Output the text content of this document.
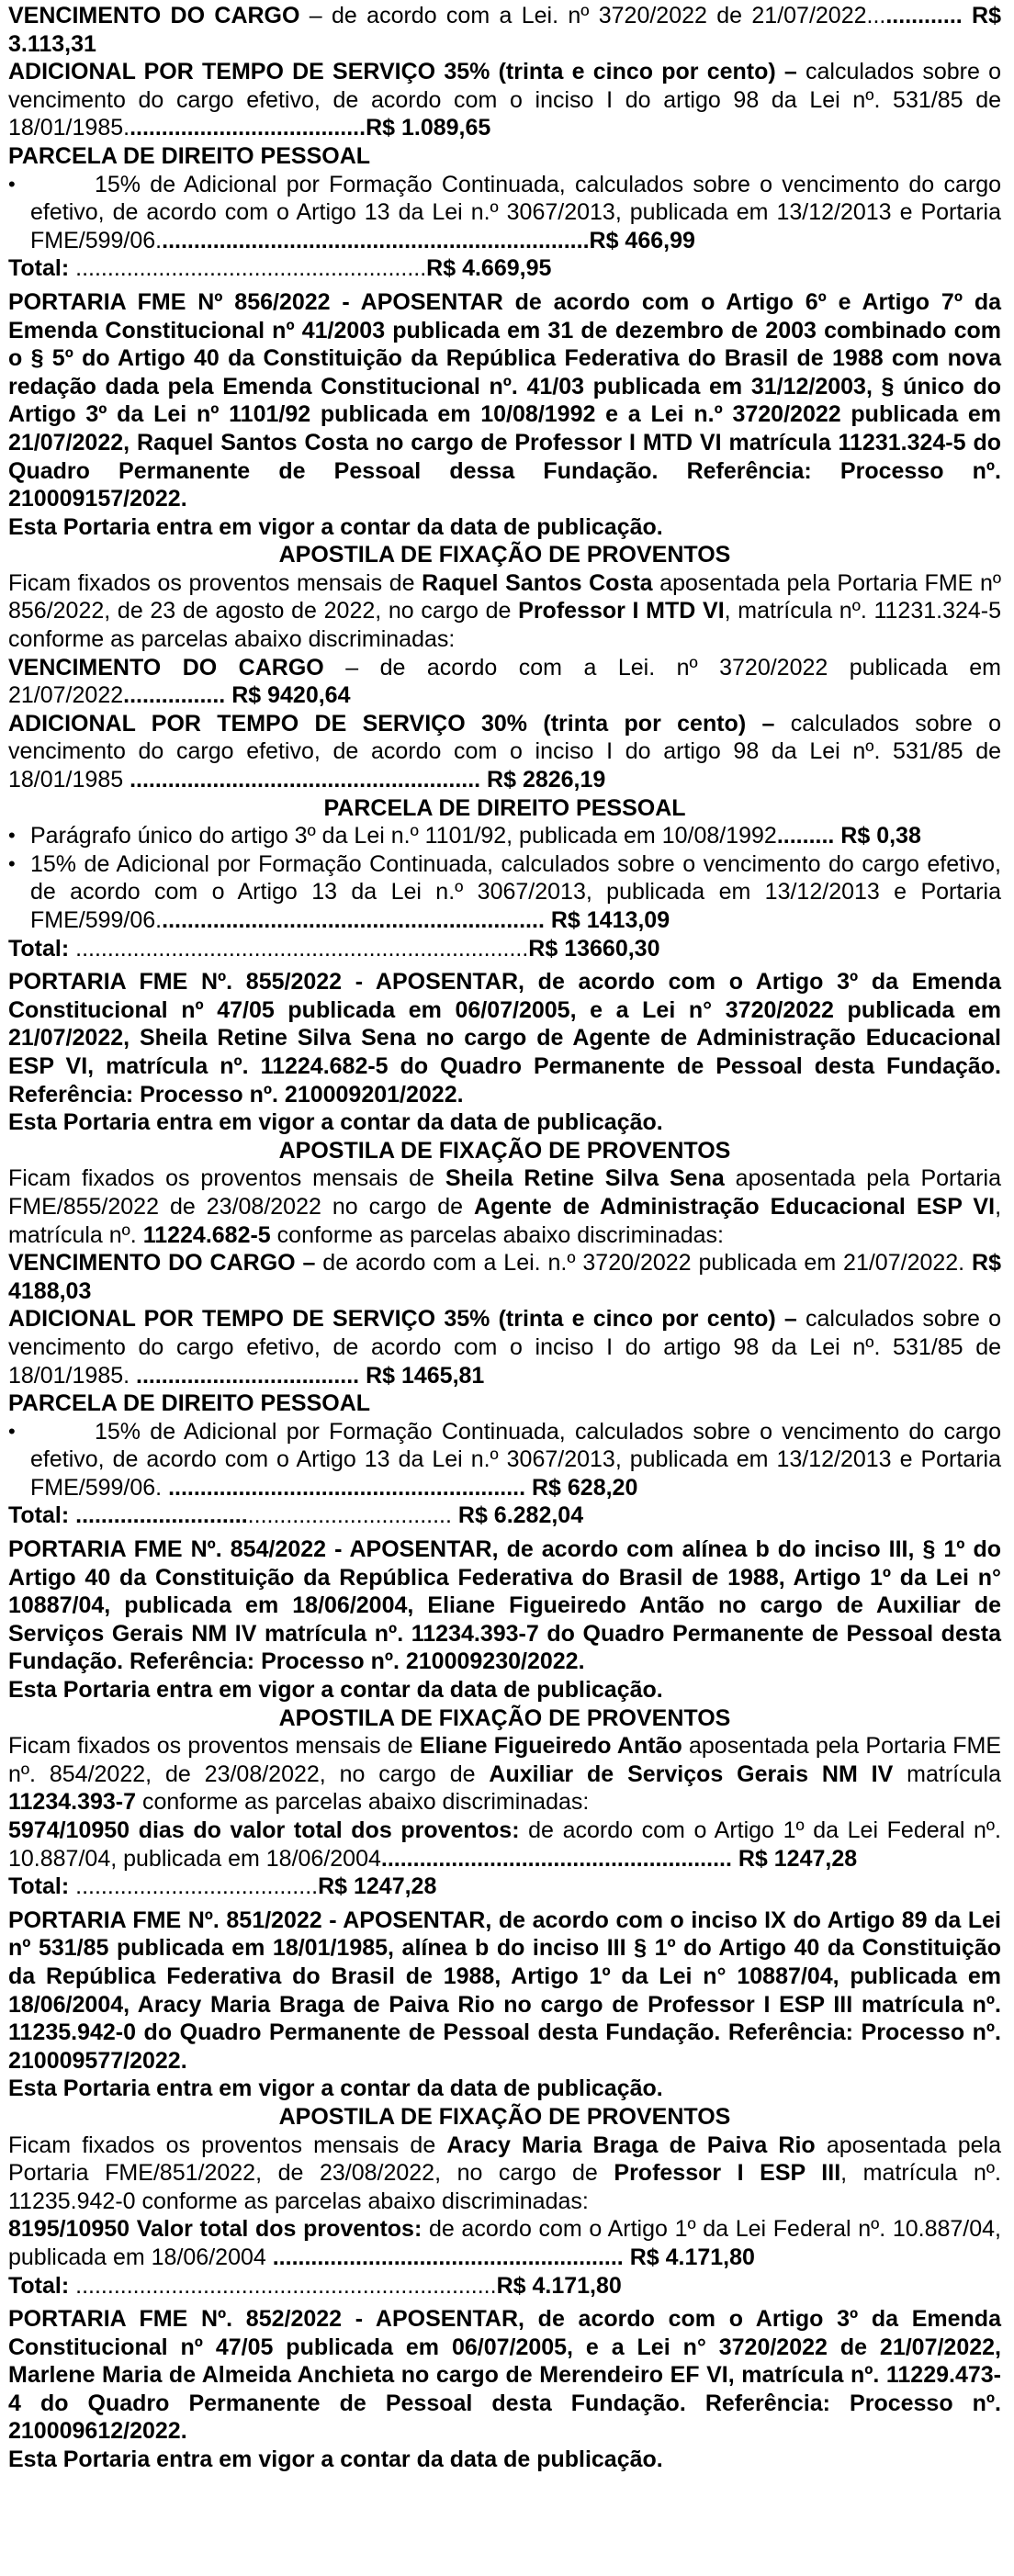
VENCIMENTO DO CARGO – de acordo com a Lei. nº 3720/2022 de 21/07/2022............... R$ 3.113,31
ADICIONAL POR TEMPO DE SERVIÇO 35% (trinta e cinco por cento) – calculados sobre o vencimento do cargo efetivo, de acordo com o inciso I do artigo 98 da Lei nº. 531/85 de 18/01/1985......................................R$ 1.089,65
PARCELA DE DIREITO PESSOAL
•	15% de Adicional por Formação Continuada, calculados sobre o vencimento do cargo efetivo, de acordo com o Artigo 13 da Lei n.º 3067/2013, publicada em 13/12/2013 e Portaria FME/599/06....................................................................R$ 466,99
Total: .......................................................R$ 4.669,95
PORTARIA FME Nº 856/2022 - APOSENTAR de acordo com o Artigo 6º e Artigo 7º da Emenda Constitucional nº 41/2003 publicada em 31 de dezembro de 2003 combinado com o § 5º do Artigo 40 da Constituição da República Federativa do Brasil de 1988 com nova redação dada pela Emenda Constitucional nº. 41/03 publicada em 31/12/2003, § único do Artigo 3º da Lei nº 1101/92 publicada em 10/08/1992 e a Lei n.º 3720/2022 publicada em 21/07/2022, Raquel Santos Costa no cargo de Professor I MTD VI matrícula 11231.324-5 do Quadro Permanente de Pessoal dessa Fundação. Referência: Processo nº. 210009157/2022.
Esta Portaria entra em vigor a contar da data de publicação.
APOSTILA DE FIXAÇÃO DE PROVENTOS
Ficam fixados os proventos mensais de Raquel Santos Costa aposentada pela Portaria FME nº 856/2022, de 23 de agosto de 2022, no cargo de Professor I MTD VI, matrícula nº. 11231.324-5 conforme as parcelas abaixo discriminadas:
VENCIMENTO DO CARGO – de acordo com a Lei. nº 3720/2022 publicada em 21/07/2022................ R$ 9420,64
ADICIONAL POR TEMPO DE SERVIÇO 30% (trinta por cento) – calculados sobre o vencimento do cargo efetivo, de acordo com o inciso I do artigo 98 da Lei nº. 531/85 de 18/01/1985 ....................................................... R$ 2826,19
PARCELA DE DIREITO PESSOAL
• Parágrafo único do artigo 3º da Lei n.º 1101/92, publicada em 10/08/1992......... R$ 0,38
• 15% de Adicional por Formação Continuada, calculados sobre o vencimento do cargo efetivo, de acordo com o Artigo 13 da Lei n.º 3067/2013, publicada em 13/12/2013 e Portaria FME/599/06............................................................. R$ 1413,09
Total: .......................................................................R$ 13660,30
PORTARIA FME Nº. 855/2022 - APOSENTAR, de acordo com o Artigo 3º da Emenda Constitucional nº 47/05 publicada em 06/07/2005, e a Lei n° 3720/2022 publicada em 21/07/2022, Sheila Retine Silva Sena no cargo de Agente de Administração Educacional ESP VI, matrícula nº. 11224.682-5 do Quadro Permanente de Pessoal desta Fundação. Referência: Processo nº. 210009201/2022.
Esta Portaria entra em vigor a contar da data de publicação.
APOSTILA DE FIXAÇÃO DE PROVENTOS
Ficam fixados os proventos mensais de Sheila Retine Silva Sena aposentada pela Portaria FME/855/2022 de 23/08/2022 no cargo de Agente de Administração Educacional ESP VI, matrícula nº. 11224.682-5 conforme as parcelas abaixo discriminadas:
VENCIMENTO DO CARGO – de acordo com a Lei. n.º 3720/2022 publicada em 21/07/2022. R$ 4188,03
ADICIONAL POR TEMPO DE SERVIÇO 35% (trinta e cinco por cento) – calculados sobre o vencimento do cargo efetivo, de acordo com o inciso I do artigo 98 da Lei nº. 531/85 de 18/01/1985. ................................... R$ 1465,81
PARCELA DE DIREITO PESSOAL
•	15% de Adicional por Formação Continuada, calculados sobre o vencimento do cargo efetivo, de acordo com o Artigo 13 da Lei n.º 3067/2013, publicada em 13/12/2013 e Portaria FME/599/06. ........................................................ R$ 628,20
Total: ........................................................... R$ 6.282,04
PORTARIA FME Nº. 854/2022 - APOSENTAR, de acordo com alínea b do inciso III, § 1º do Artigo 40 da Constituição da República Federativa do Brasil de 1988, Artigo 1º da Lei n° 10887/04, publicada em 18/06/2004, Eliane Figueiredo Antão no cargo de Auxiliar de Serviços Gerais NM IV matrícula nº. 11234.393-7 do Quadro Permanente de Pessoal desta Fundação. Referência: Processo nº. 210009230/2022.
Esta Portaria entra em vigor a contar da data de publicação.
APOSTILA DE FIXAÇÃO DE PROVENTOS
Ficam fixados os proventos mensais de Eliane Figueiredo Antão aposentada pela Portaria FME nº. 854/2022, de 23/08/2022, no cargo de Auxiliar de Serviços Gerais NM IV matrícula 11234.393-7 conforme as parcelas abaixo discriminadas:
5974/10950 dias do valor total dos proventos: de acordo com o Artigo 1º da Lei Federal nº. 10.887/04, publicada em 18/06/2004....................................................... R$ 1247,28
Total: ......................................R$ 1247,28
PORTARIA FME Nº. 851/2022 - APOSENTAR, de acordo com o inciso IX do Artigo 89 da Lei nº 531/85 publicada em 18/01/1985, alínea b do inciso III § 1º do Artigo 40 da Constituição da República Federativa do Brasil de 1988, Artigo 1º da Lei n° 10887/04, publicada em 18/06/2004, Aracy Maria Braga de Paiva Rio no cargo de Professor I ESP III matrícula nº. 11235.942-0 do Quadro Permanente de Pessoal desta Fundação. Referência: Processo nº. 210009577/2022.
Esta Portaria entra em vigor a contar da data de publicação.
APOSTILA DE FIXAÇÃO DE PROVENTOS
Ficam fixados os proventos mensais de Aracy Maria Braga de Paiva Rio aposentada pela Portaria FME/851/2022, de 23/08/2022, no cargo de Professor I ESP III, matrícula nº. 11235.942-0 conforme as parcelas abaixo discriminadas:
8195/10950 Valor total dos proventos: de acordo com o Artigo 1º da Lei Federal nº. 10.887/04, publicada em 18/06/2004 ....................................................... R$ 4.171,80
Total: ..................................................................R$ 4.171,80
PORTARIA FME Nº. 852/2022 - APOSENTAR, de acordo com o Artigo 3º da Emenda Constitucional nº 47/05 publicada em 06/07/2005, e a Lei n° 3720/2022 de 21/07/2022, Marlene Maria de Almeida Anchieta no cargo de Merendeiro EF VI, matrícula nº. 11229.473-4 do Quadro Permanente de Pessoal desta Fundação. Referência: Processo nº. 210009612/2022.
Esta Portaria entra em vigor a contar da data de publicação.
